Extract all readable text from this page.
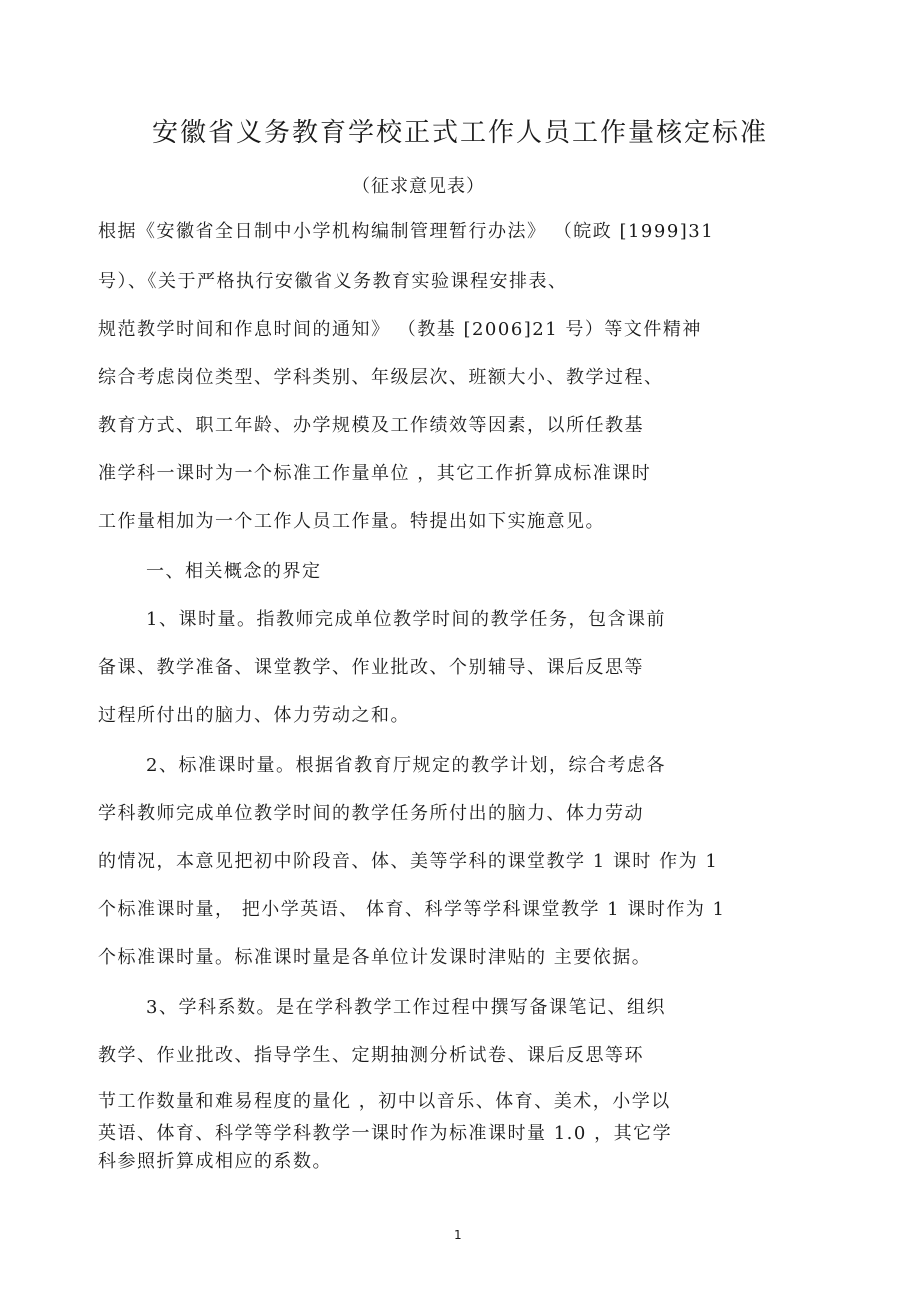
安徽省义务教育学校正式工作人员工作量核定标准
（征求意见表）
根据《安徽省全日制中小学机构编制管理暂行办法》 （皖政 [1999]31
号）、《关于严格执行安徽省义务教育实验课程安排表、
规范教学时间和作息时间的通知》 （教基 [2006]21 号）等文件精神
综合考虑岗位类型、学科类别、年级层次、班额大小、教学过程、
教育方式、职工年龄、办学规模及工作绩效等因素，以所任教基
准学科一课时为一个标准工作量单位 ，其它工作折算成标准课时
工作量相加为一个工作人员工作量。特提出如下实施意见。
一、相关概念的界定
1、课时量。指教师完成单位教学时间的教学任务，包含课前
备课、教学准备、课堂教学、作业批改、个别辅导、课后反思等
过程所付出的脑力、体力劳动之和。
2、标准课时量。根据省教育厅规定的教学计划，综合考虑各
学科教师完成单位教学时间的教学任务所付出的脑力、体力劳动
的情况，本意见把初中阶段音、体、美等学科的课堂教学 1 课时 作为 1
个标准课时量， 把小学英语、 体育、科学等学科课堂教学 1 课时作为 1
个标准课时量。标准课时量是各单位计发课时津贴的 主要依据。
3、学科系数。是在学科教学工作过程中撰写备课笔记、组织
教学、作业批改、指导学生、定期抽测分析试卷、课后反思等环
节工作数量和难易程度的量化 ，初中以音乐、体育、美术，小学以
英语、体育、科学等学科教学一课时作为标准课时量 1.0 ，其它学
科参照折算成相应的系数。
1
